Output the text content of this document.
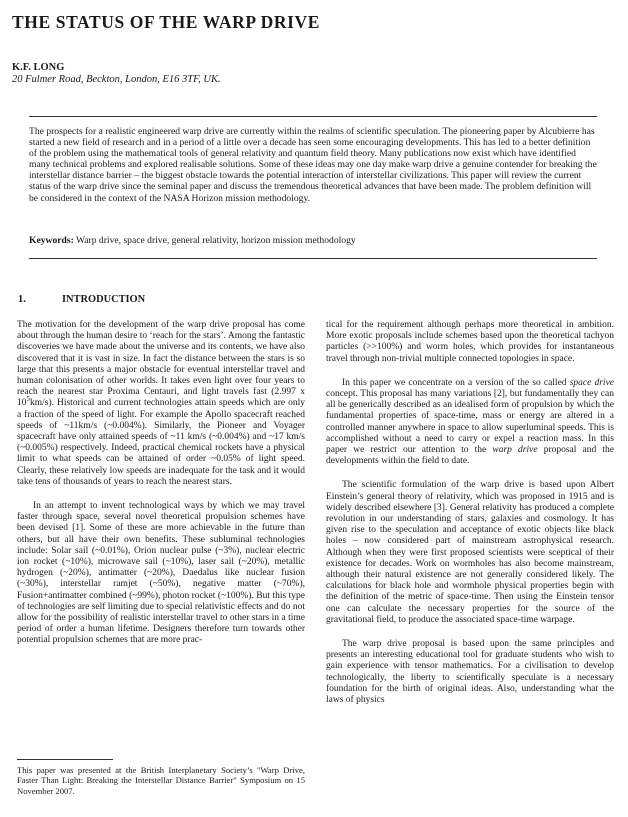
THE STATUS OF THE WARP DRIVE

K.F. LONG

20 Fulmer Road, Beckton, London, E16 3TF, UK.

The prospects for a realistic engineered warp drive are currently within the realms of scientific speculation. The pioneering paper by Alcubierre has started a new field of research and in a period of a little over a decade has seen some encouraging developments. This has led to a better definition of the problem using the mathematical tools of general relativity and quantum field theory. Many publications now exist which have identified many technical problems and explored realisable solutions. Some of these ideas may one day make warp drive a genuine contender for breaking the interstellar distance barrier – the biggest obstacle towards the potential interaction of interstellar civilizations. This paper will review the current status of the warp drive since the seminal paper and discuss the tremendous theoretical advances that have been made. The problem definition will be considered in the context of the NASA Horizon mission methodology.

Keywords: Warp drive, space drive, general relativity, horizon mission methodology

1.	INTRODUCTION

The motivation for the development of the warp drive proposal has come about through the human desire to ‘reach for the stars’. Among the fantastic discoveries we have made about the universe and its contents, we have also discovered that it is vast in size. In fact the distance between the stars is so large that this presents a major obstacle for eventual interstellar travel and human colonisation of other worlds. It takes even light over four years to reach the nearest star Proxima Centauri, and light travels fast (2.997 x $10^5km/s$). Historical and current technologies attain speeds which are only a fraction of the speed of light. For example the Apollo spacecraft reached speeds of ~11km/s (~0.004%). Similarly, the Pioneer and Voyager spacecraft have only attained speeds of ~11 km/s (~0.004%) and ~17 km/s (~0.005%) respectively. Indeed, practical chemical rockets have a physical limit to what speeds can be attained of order ~0.05% of light speed. Clearly, these relatively low speeds are inadequate for the task and it would take tens of thousands of years to reach the nearest stars.

In an attempt to invent technological ways by which we may travel faster through space, several novel theoretical propulsion schemes have been devised [1]. Some of these are more achievable in the future than others, but all have their own benefits. These subluminal technologies include: Solar sail (~0.01%), Orion nuclear pulse (~3%), nuclear electric ion rocket (~10%), microwave sail (~10%), laser sail (~20%), metallic hydrogen (~20%), antimatter (~20%), Daedalus like nuclear fusion (~30%), interstellar ramjet (~50%), negative matter (~70%), Fusion+antimatter combined (~99%), photon rocket (~100%). But this type of technologies are self limiting due to special relativistic effects and do not allow for the possibility of realistic interstellar travel to other stars in a time period of order a human lifetime. Designers therefore turn towards other potential propulsion schemes that are more prac-

tical for the requirement although perhaps more theoretical in ambition. More exotic proposals include schemes based upon the theoretical tachyon particles (>>100%) and worm holes, which provides for instantaneous travel through non-trivial multiple connected topologies in space.

In this paper we concentrate on a version of the so called space drive concept. This proposal has many variations [2], but fundamentally they can all be generically described as an idealised form of propulsion by which the fundamental properties of space-time, mass or energy are altered in a controlled manner anywhere in space to allow superluminal speeds. This is accomplished without a need to carry or expel a reaction mass. In this paper we restrict our attention to the warp drive proposal and the developments within the field to date.

The scientific formulation of the warp drive is based upon Albert Einstein’s general theory of relativity, which was proposed in 1915 and is widely described elsewhere [3]. General relativity has produced a complete revolution in our understanding of stars, galaxies and cosmology. It has given rise to the speculation and acceptance of exotic objects like black holes – now considered part of mainstream astrophysical research. Although when they were first proposed scientists were sceptical of their existence for decades. Work on wormholes has also become mainstream, although their natural existence are not generally considered likely. The calculations for black hole and wormhole physical properties begin with the definition of the metric of space-time. Then using the Einstein tensor one can calculate the necessary properties for the source of the gravitational field, to produce the associated space-time warpage.

The warp drive proposal is based upon the same principles and presents an interesting educational tool for graduate students who wish to gain experience with tensor mathematics. For a civilisation to develop technologically, the liberty to scientifically speculate is a necessary foundation for the birth of original ideas. Also, understanding what the laws of physics

This paper was presented at the British Interplanetary Society’s "Warp Drive, Faster Than Light: Breaking the Interstellar Distance Barrier" Symposium on 15 November 2007.
